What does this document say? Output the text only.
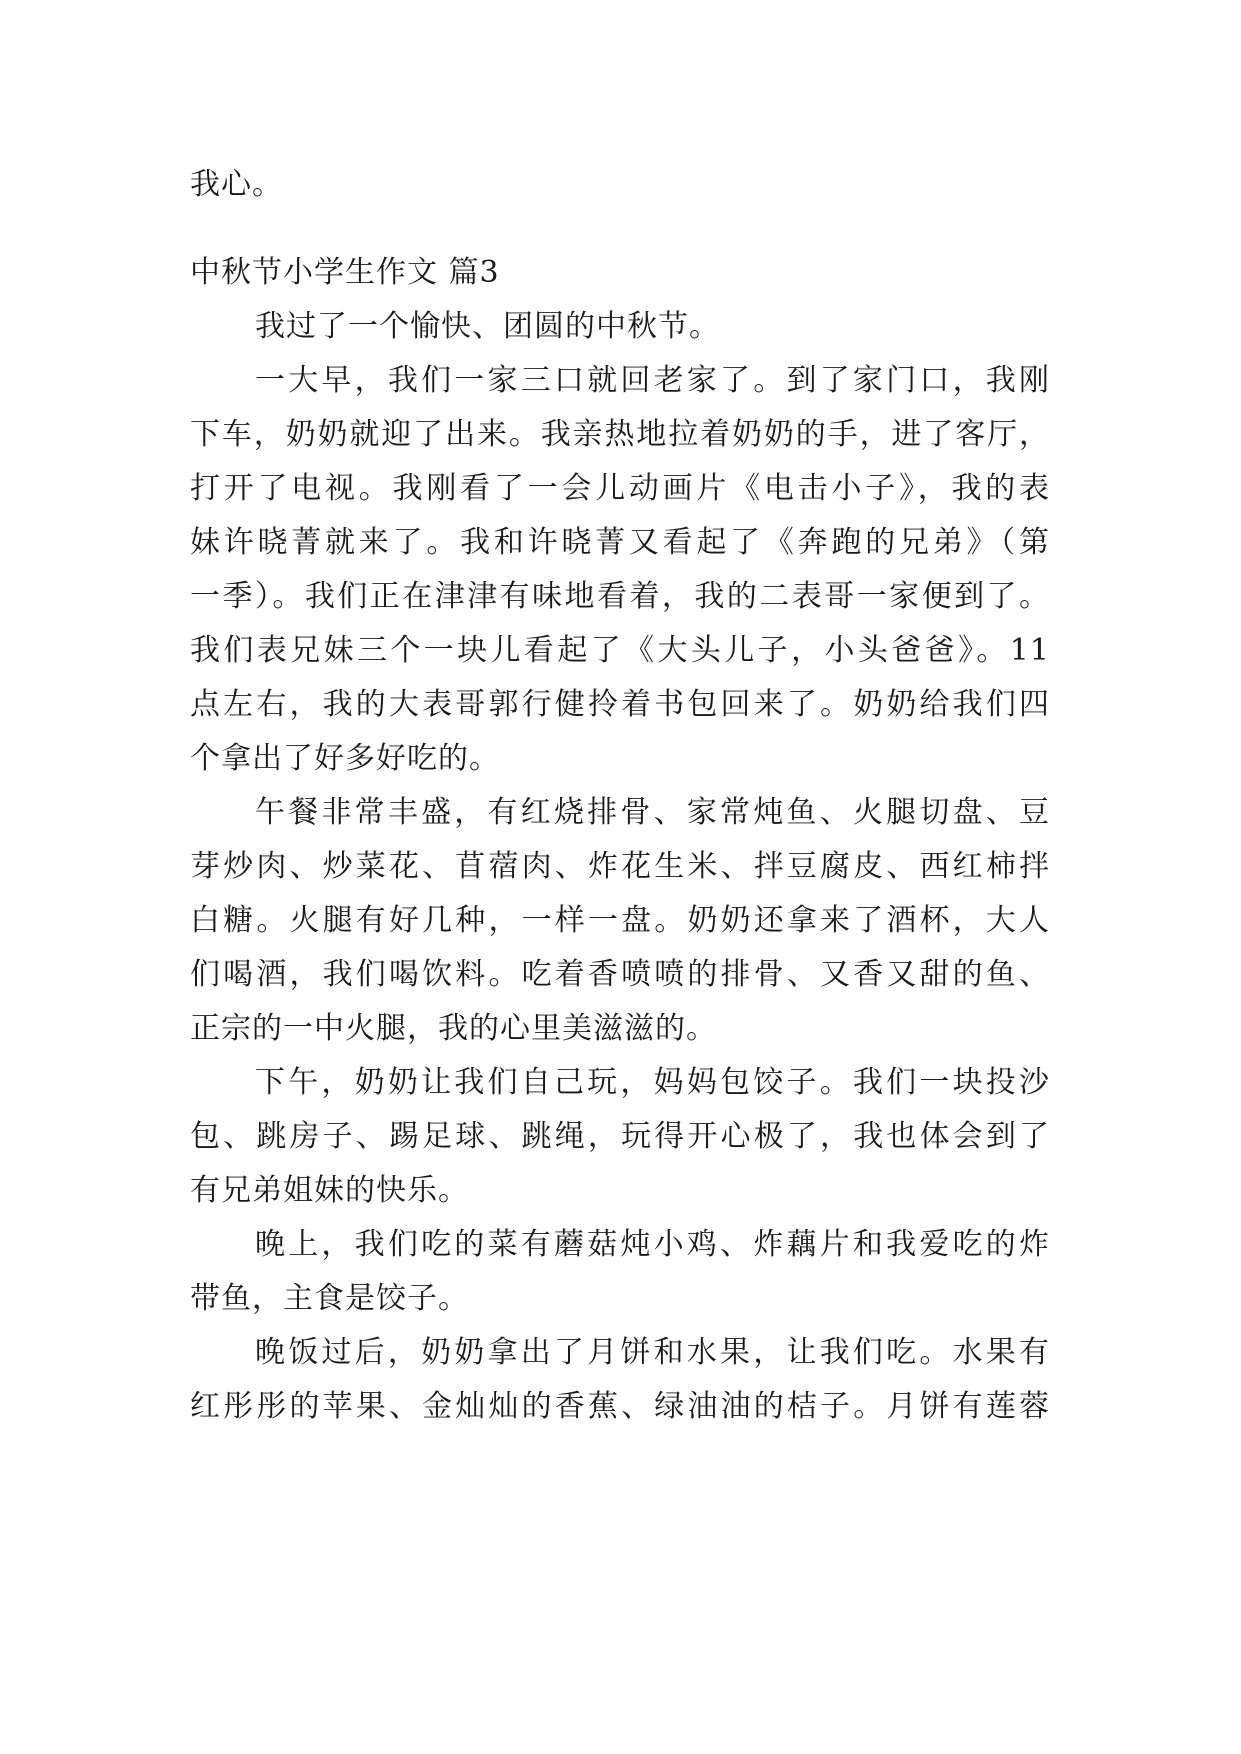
我心。
中秋节小学生作文 篇3
我过了一个愉快、团圆的中秋节。
一大早，我们一家三口就回老家了。到了家门口，我刚
下车，奶奶就迎了出来。我亲热地拉着奶奶的手，进了客厅，
打开了电视。我刚看了一会儿动画片《电击小子》，我的表
妹许晓菁就来了。我和许晓菁又看起了《奔跑的兄弟》（第
一季）。我们正在津津有味地看着，我的二表哥一家便到了。
我们表兄妹三个一块儿看起了《大头儿子，小头爸爸》。11
点左右，我的大表哥郭行健拎着书包回来了。奶奶给我们四
个拿出了好多好吃的。
午餐非常丰盛，有红烧排骨、家常炖鱼、火腿切盘、豆
芽炒肉、炒菜花、苜蓿肉、炸花生米、拌豆腐皮、西红柿拌
白糖。火腿有好几种，一样一盘。奶奶还拿来了酒杯，大人
们喝酒，我们喝饮料。吃着香喷喷的排骨、又香又甜的鱼、
正宗的一中火腿，我的心里美滋滋的。
下午，奶奶让我们自己玩，妈妈包饺子。我们一块投沙
包、跳房子、踢足球、跳绳，玩得开心极了，我也体会到了
有兄弟姐妹的快乐。
晚上，我们吃的菜有蘑菇炖小鸡、炸藕片和我爱吃的炸
带鱼，主食是饺子。
晚饭过后，奶奶拿出了月饼和水果，让我们吃。水果有
红彤彤的苹果、金灿灿的香蕉、绿油油的桔子。月饼有莲蓉
